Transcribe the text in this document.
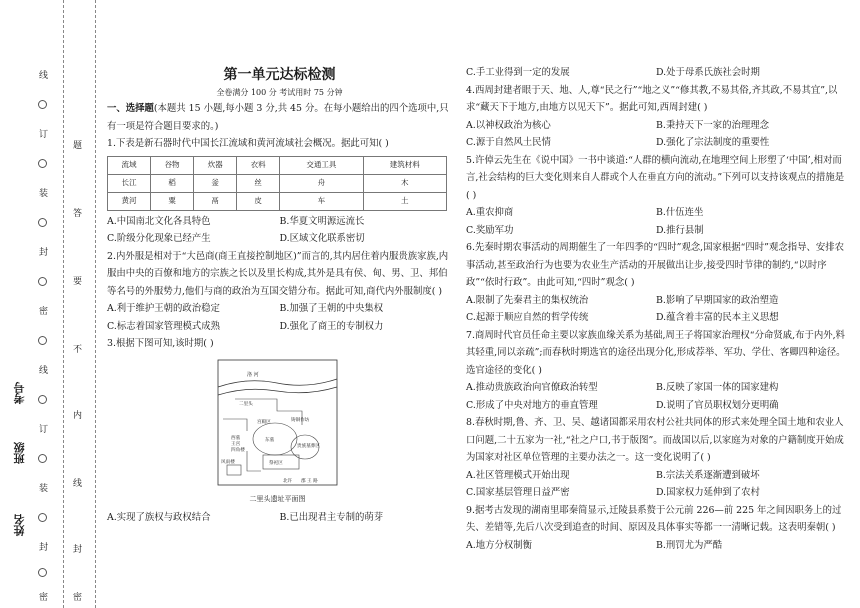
线
订
装
封
密
线
订
装
封
密
题
答
要
不
内
线
封
密
考号
班级
姓名
第一单元达标检测
全卷满分 100 分 考试用时 75 分钟

一、选择题(本题共 15 小题,每小题 3 分,共 45 分。在每小题给出的四个选项中,只有一项是符合题目要求的。)

1.下表是新石器时代中国长江流域和黄河流域社会概况。据此可知( )

流域	谷物	炊器	衣料	交通工具	建筑材料
长江	稻	釜	丝	舟	木
黄河	粟	鬲	皮	车	土
A.中国南北文化各具特色	B.华夏文明源远流长
C.阶级分化现象已经产生	D.区域文化联系密切

2.内外服是相对于“大邑商(商王直接控制地区)”而言的,其内居住着内服贵族家族,内服由中央的百僚和地方的宗族之长以及里长构成,其外是具有侯、甸、男、卫、邦伯等名号的外服势力,他们与商的政治为互国交错分布。据此可知,商代内外服制度( )

A.利于维护王朝的政治稳定	B.加强了王朝的中央集权
C.标志着国家管理模式成熟	D.强化了商王的专制权力

3.根据下图可知,该时期( )

洛 河
二里头
宫殿区	铸铜作坊
贵族墓葬区
西墓
王宫
四角楼
东墓
风雨楼	祭祀区
北许 郡 王 路
二里头遗址平面图
A.实现了族权与政权结合	B.已出现君主专制的萌芽
C.手工业得到一定的发展	D.处于母系氏族社会时期

4.西周封建者眼于天、地、人,尊“民之行”“地之义”“修其教,不易其俗,齐其政,不易其宜”,以求“藏天下于地方,由地方以见天下”。据此可知,西周封建( )

A.以神权政治为核心	B.秉持天下一家的治理理念
C.源于自然风土民情	D.强化了宗法制度的重要性

5.许倬云先生在《说中国》一书中谈道:“人群的横向流动,在地理空间上形塑了‘中国’,相对而言,社会结构的巨大变化则来自人群或个人在垂直方向的流动。”下列可以支持该观点的措施是( )

A.重农抑商	B.什伍连坐
C.奖励军功	D.推行县制

6.先秦时期农事活动的周期催生了一年四季的“四时”观念,国家根据“四时”观念指导、安排农事活动,甚至政治行为也要为农业生产活动的开展做出让步,接受四时节律的制约,“以时序政”“依时行政”。由此可知,“四时”观念( )

A.限制了先秦君主的集权统治	B.影响了早期国家的政治塑造
C.起源于顺应自然的哲学传统	D.蕴含着丰富的民本主义思想

7.商周时代官员任命主要以家族血缘关系为基础,周王子将国家治理权“分命贤戚,布于内外,料其轻重,同以亲疏”;而春秋时期选官的途径出现分化,形成荐举、军功、学仕、客卿四种途径。选官途径的变化( )

A.推动贵族政治向官僚政治转型	B.反映了家国一体的国家建构
C.形成了中央对地方的垂直管理	D.说明了官员职权划分更明确

8.春秋时期,鲁、齐、卫、吴、越诸国都采用农村公社共同体的形式来处理全国土地和农业人口问题,二十五家为一社,“社之户口,书于版图”。而战国以后,以家庭为对象的户籍制度开始成为国家对社区单位管理的主要办法之一。这一变化说明了( )

A.社区管理模式开始出现	B.宗法关系逐渐遭到破坏
C.国家基层管理日益严密	D.国家权力延伸到了农村

9.据考古发现的湖南里耶秦简显示,迁陵县系赘于公元前 226—前 225 年之间因职务上的过失、差错等,先后八次受到追查的时间、原因及具体事实等都一一清晰记载。这表明秦朝( )

A.地方分权制衡	B.刑罚尤为严酷
